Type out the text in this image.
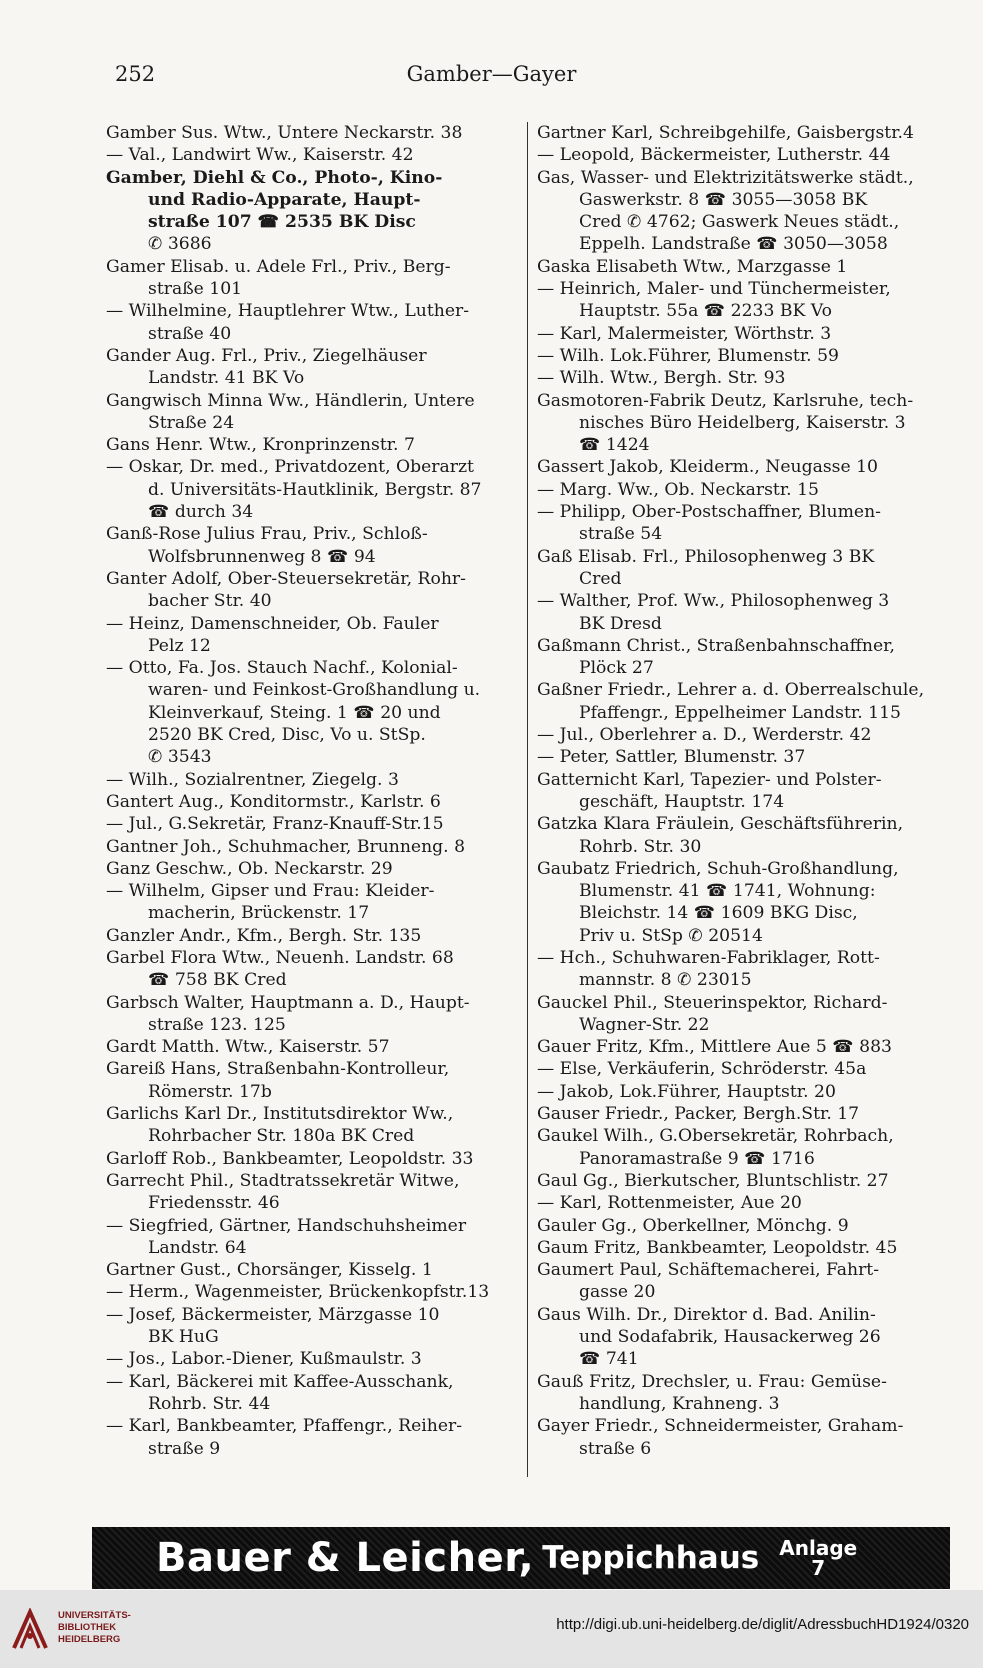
252	Gamber—Gayer
Gamber Sus. Wtw., Untere Neckarstr. 38
— Val., Landwirt Ww., Kaiserstr. 42
Gamber, Diehl & Co., Photo-, Kino-
und Radio-Apparate, Haupt-
straße 107 ☎ 2535 BK Disc
✆ 3686
Gamer Elisab. u. Adele Frl., Priv., Berg-
straße 101
— Wilhelmine, Hauptlehrer Wtw., Luther-
straße 40
Gander Aug. Frl., Priv., Ziegelhäuser
Landstr. 41 BK Vo
Gangwisch Minna Ww., Händlerin, Untere
Straße 24
Gans Henr. Wtw., Kronprinzenstr. 7
— Oskar, Dr. med., Privatdozent, Oberarzt
d. Universitäts-Hautklinik, Bergstr. 87
☎ durch 34
Ganß-Rose Julius Frau, Priv., Schloß-
Wolfsbrunnenweg 8 ☎ 94
Ganter Adolf, Ober-Steuersekretär, Rohr-
bacher Str. 40
— Heinz, Damenschneider, Ob. Fauler
Pelz 12
— Otto, Fa. Jos. Stauch Nachf., Kolonial-
waren- und Feinkost-Großhandlung u.
Kleinverkauf, Steing. 1 ☎ 20 und
2520 BK Cred, Disc, Vo u. StSp.
✆ 3543
— Wilh., Sozialrentner, Ziegelg. 3
Gantert Aug., Konditormstr., Karlstr. 6
— Jul., G.Sekretär, Franz-Knauff-Str.15
Gantner Joh., Schuhmacher, Brunneng. 8
Ganz Geschw., Ob. Neckarstr. 29
— Wilhelm, Gipser und Frau: Kleider-
macherin, Brückenstr. 17
Ganzler Andr., Kfm., Bergh. Str. 135
Garbel Flora Wtw., Neuenh. Landstr. 68
☎ 758 BK Cred
Garbsch Walter, Hauptmann a. D., Haupt-
straße 123. 125
Gardt Matth. Wtw., Kaiserstr. 57
Gareiß Hans, Straßenbahn-Kontrolleur,
Römerstr. 17b
Garlichs Karl Dr., Institutsdirektor Ww.,
Rohrbacher Str. 180a BK Cred
Garloff Rob., Bankbeamter, Leopoldstr. 33
Garrecht Phil., Stadtratssekretär Witwe,
Friedensstr. 46
— Siegfried, Gärtner, Handschuhsheimer
Landstr. 64
Gartner Gust., Chorsänger, Kisselg. 1
— Herm., Wagenmeister, Brückenkopfstr.13
— Josef, Bäckermeister, Märzgasse 10
BK HuG
— Jos., Labor.-Diener, Kußmaulstr. 3
— Karl, Bäckerei mit Kaffee-Ausschank,
Rohrb. Str. 44
— Karl, Bankbeamter, Pfaffengr., Reiher-
straße 9
Gartner Karl, Schreibgehilfe, Gaisbergstr.4
— Leopold, Bäckermeister, Lutherstr. 44
Gas, Wasser- und Elektrizitätswerke städt.,
Gaswerkstr. 8 ☎ 3055—3058 BK
Cred ✆ 4762; Gaswerk Neues städt.,
Eppelh. Landstraße ☎ 3050—3058
Gaska Elisabeth Wtw., Marzgasse 1
— Heinrich, Maler- und Tünchermeister,
Hauptstr. 55a ☎ 2233 BK Vo
— Karl, Malermeister, Wörthstr. 3
— Wilh. Lok.Führer, Blumenstr. 59
— Wilh. Wtw., Bergh. Str. 93
Gasmotoren-Fabrik Deutz, Karlsruhe, tech-
nisches Büro Heidelberg, Kaiserstr. 3
☎ 1424
Gassert Jakob, Kleiderm., Neugasse 10
— Marg. Ww., Ob. Neckarstr. 15
— Philipp, Ober-Postschaffner, Blumen-
straße 54
Gaß Elisab. Frl., Philosophenweg 3 BK
Cred
— Walther, Prof. Ww., Philosophenweg 3
BK Dresd
Gaßmann Christ., Straßenbahnschaffner,
Plöck 27
Gaßner Friedr., Lehrer a. d. Oberrealschule,
Pfaffengr., Eppelheimer Landstr. 115
— Jul., Oberlehrer a. D., Werderstr. 42
— Peter, Sattler, Blumenstr. 37
Gatternicht Karl, Tapezier- und Polster-
geschäft, Hauptstr. 174
Gatzka Klara Fräulein, Geschäftsführerin,
Rohrb. Str. 30
Gaubatz Friedrich, Schuh-Großhandlung,
Blumenstr. 41 ☎ 1741, Wohnung:
Bleichstr. 14 ☎ 1609 BKG Disc,
Priv u. StSp ✆ 20514
— Hch., Schuhwaren-Fabriklager, Rott-
mannstr. 8 ✆ 23015
Gauckel Phil., Steuerinspektor, Richard-
Wagner-Str. 22
Gauer Fritz, Kfm., Mittlere Aue 5 ☎ 883
— Else, Verkäuferin, Schröderstr. 45a
— Jakob, Lok.Führer, Hauptstr. 20
Gauser Friedr., Packer, Bergh.Str. 17
Gaukel Wilh., G.Obersekretär, Rohrbach,
Panoramastraße 9 ☎ 1716
Gaul Gg., Bierkutscher, Bluntschlistr. 27
— Karl, Rottenmeister, Aue 20
Gauler Gg., Oberkellner, Mönchg. 9
Gaum Fritz, Bankbeamter, Leopoldstr. 45
Gaumert Paul, Schäftemacherei, Fahrt-
gasse 20
Gaus Wilh. Dr., Direktor d. Bad. Anilin-
und Sodafabrik, Hausackerweg 26
☎ 741
Gauß Fritz, Drechsler, u. Frau: Gemüse-
handlung, Krahneng. 3
Gayer Friedr., Schneidermeister, Graham-
straße 6
Bauer & Leicher, Teppichhaus Anlage
7
UNIVERSITÄTS-
BIBLIOTHEK
HEIDELBERG
http://digi.ub.uni-heidelberg.de/diglit/AdressbuchHD1924/0320
